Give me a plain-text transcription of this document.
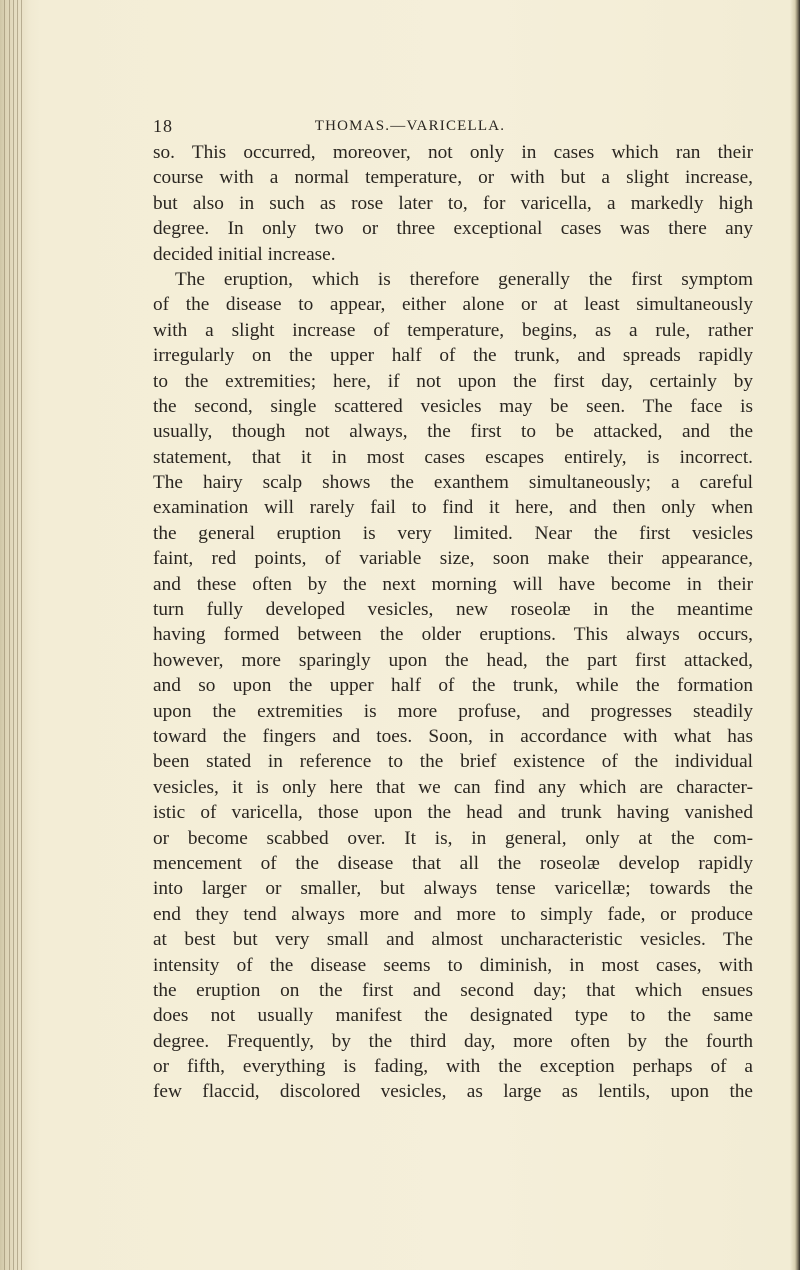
18	THOMAS.—VARICELLA.
so. This occurred, moreover, not only in cases which ran their
course with a normal temperature, or with but a slight increase,
but also in such as rose later to, for varicella, a markedly high
degree. In only two or three exceptional cases was there any
decided initial increase.
The eruption, which is therefore generally the first symptom
of the disease to appear, either alone or at least simultaneously
with a slight increase of temperature, begins, as a rule, rather
irregularly on the upper half of the trunk, and spreads rapidly
to the extremities; here, if not upon the first day, certainly by
the second, single scattered vesicles may be seen. The face is
usually, though not always, the first to be attacked, and the
statement, that it in most cases escapes entirely, is incorrect.
The hairy scalp shows the exanthem simultaneously; a careful
examination will rarely fail to find it here, and then only when
the general eruption is very limited. Near the first vesicles
faint, red points, of variable size, soon make their appearance,
and these often by the next morning will have become in their
turn fully developed vesicles, new roseolæ in the meantime
having formed between the older eruptions. This always occurs,
however, more sparingly upon the head, the part first attacked,
and so upon the upper half of the trunk, while the formation
upon the extremities is more profuse, and progresses steadily
toward the fingers and toes. Soon, in accordance with what has
been stated in reference to the brief existence of the individual
vesicles, it is only here that we can find any which are character-
istic of varicella, those upon the head and trunk having vanished
or become scabbed over. It is, in general, only at the com-
mencement of the disease that all the roseolæ develop rapidly
into larger or smaller, but always tense varicellæ; towards the
end they tend always more and more to simply fade, or produce
at best but very small and almost uncharacteristic vesicles. The
intensity of the disease seems to diminish, in most cases, with
the eruption on the first and second day; that which ensues
does not usually manifest the designated type to the same
degree. Frequently, by the third day, more often by the fourth
or fifth, everything is fading, with the exception perhaps of a
few flaccid, discolored vesicles, as large as lentils, upon the
